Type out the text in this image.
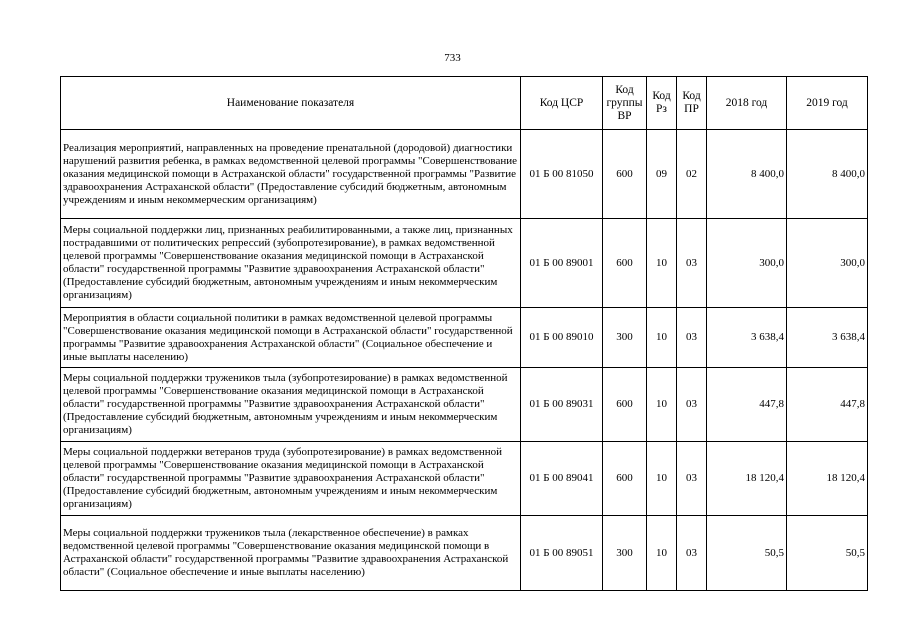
733
Наименование показателя	Код ЦСР	Код группы ВР	Код Рз	Код ПР	2018 год	2019 год
Реализация мероприятий, направленных на проведение пренатальной (дородовой) диагностики нарушений развития ребенка, в рамках ведомственной целевой программы "Совершенствование оказания медицинской помощи в Астраханской области" государственной программы "Развитие здравоохранения Астраханской области" (Предоставление субсидий бюджетным, автономным учреждениям и иным некоммерческим организациям)	01 Б 00 81050	600	09	02	8 400,0	8 400,0
Меры социальной поддержки лиц, признанных реабилитированными, а также лиц, признанных пострадавшими от политических репрессий (зубопротезирование), в рамках ведомственной целевой программы "Совершенствование оказания медицинской помощи в Астраханской области" государственной программы "Развитие здравоохранения Астраханской области" (Предоставление субсидий бюджетным, автономным учреждениям и иным некоммерческим организациям)	01 Б 00 89001	600	10	03	300,0	300,0
Мероприятия в области социальной политики в рамках ведомственной целевой программы "Совершенствование оказания медицинской помощи в Астраханской области" государственной программы "Развитие здравоохранения Астраханской области" (Социальное обеспечение и иные выплаты населению)	01 Б 00 89010	300	10	03	3 638,4	3 638,4
Меры социальной поддержки тружеников тыла (зубопротезирование) в рамках ведомственной целевой программы "Совершенствование оказания медицинской помощи в Астраханской области" государственной программы "Развитие здравоохранения Астраханской области" (Предоставление субсидий бюджетным, автономным учреждениям и иным некоммерческим организациям)	01 Б 00 89031	600	10	03	447,8	447,8
Меры социальной поддержки ветеранов труда (зубопротезирование) в рамках ведомственной целевой программы "Совершенствование оказания медицинской помощи в Астраханской области" государственной программы "Развитие здравоохранения Астраханской области" (Предоставление субсидий бюджетным, автономным учреждениям и иным некоммерческим организациям)	01 Б 00 89041	600	10	03	18 120,4	18 120,4
Меры социальной поддержки тружеников тыла (лекарственное обеспечение) в рамках ведомственной целевой программы "Совершенствование оказания медицинской помощи в Астраханской области" государственной программы "Развитие здравоохранения Астраханской области" (Социальное обеспечение и иные выплаты населению)	01 Б 00 89051	300	10	03	50,5	50,5
